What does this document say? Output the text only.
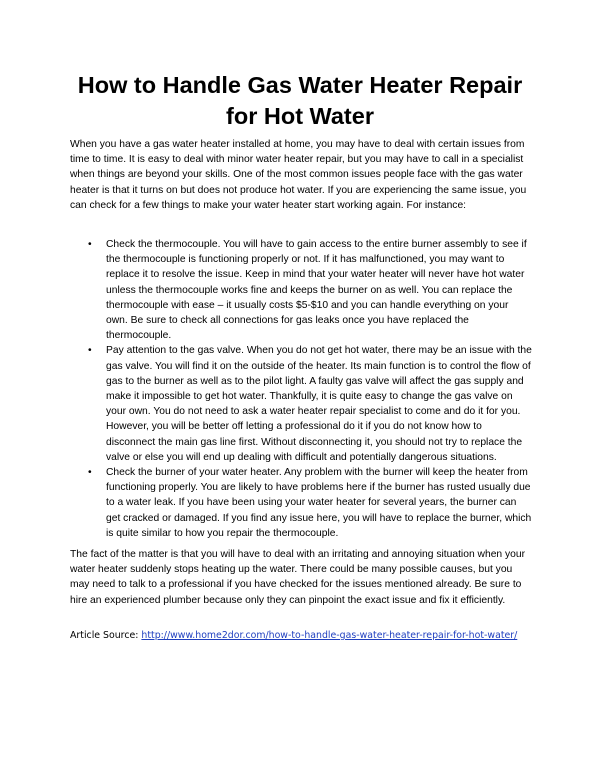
How to Handle Gas Water Heater Repair for Hot Water

When you have a gas water heater installed at home, you may have to deal with certain issues from time to time. It is easy to deal with minor water heater repair, but you may have to call in a specialist when things are beyond your skills. One of the most common issues people face with the gas water heater is that it turns on but does not produce hot water. If you are experiencing the same issue, you can check for a few things to make your water heater start working again. For instance:

• Check the thermocouple. You will have to gain access to the entire burner assembly to see if the thermocouple is functioning properly or not. If it has malfunctioned, you may want to replace it to resolve the issue. Keep in mind that your water heater will never have hot water unless the thermocouple works fine and keeps the burner on as well. You can replace the thermocouple with ease – it usually costs $5-$10 and you can handle everything on your own. Be sure to check all connections for gas leaks once you have replaced the thermocouple.
• Pay attention to the gas valve. When you do not get hot water, there may be an issue with the gas valve. You will find it on the outside of the heater. Its main function is to control the flow of gas to the burner as well as to the pilot light. A faulty gas valve will affect the gas supply and make it impossible to get hot water. Thankfully, it is quite easy to change the gas valve on your own. You do not need to ask a water heater repair specialist to come and do it for you. However, you will be better off letting a professional do it if you do not know how to disconnect the main gas line first. Without disconnecting it, you should not try to replace the valve or else you will end up dealing with difficult and potentially dangerous situations.
• Check the burner of your water heater. Any problem with the burner will keep the heater from functioning properly. You are likely to have problems here if the burner has rusted usually due to a water leak. If you have been using your water heater for several years, the burner can get cracked or damaged. If you find any issue here, you will have to replace the burner, which is quite similar to how you repair the thermocouple.

The fact of the matter is that you will have to deal with an irritating and annoying situation when your water heater suddenly stops heating up the water. There could be many possible causes, but you may need to talk to a professional if you have checked for the issues mentioned already. Be sure to hire an experienced plumber because only they can pinpoint the exact issue and fix it efficiently.

Article Source: http://www.home2dor.com/how-to-handle-gas-water-heater-repair-for-hot-water/
